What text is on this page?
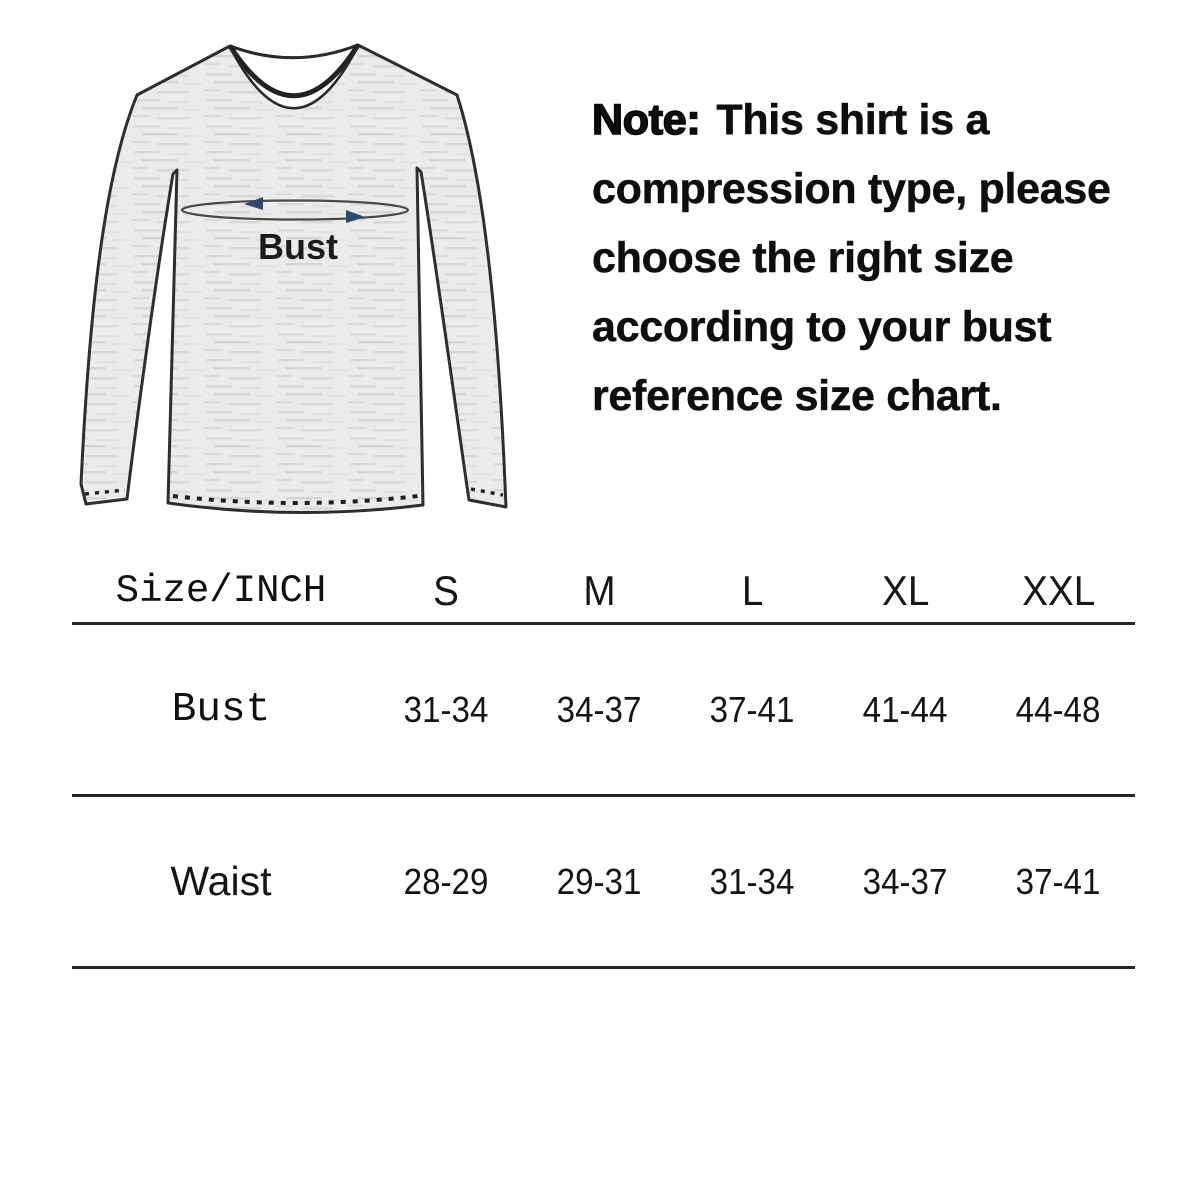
Bust
Note: This shirt is a
compression type, please
choose the right size
according to your bust
reference size chart.
Size/INCH	S	M	L	XL	XXL
Bust	31-34	34-37	37-41	41-44	44-48
Waist	28-29	29-31	31-34	34-37	37-41
